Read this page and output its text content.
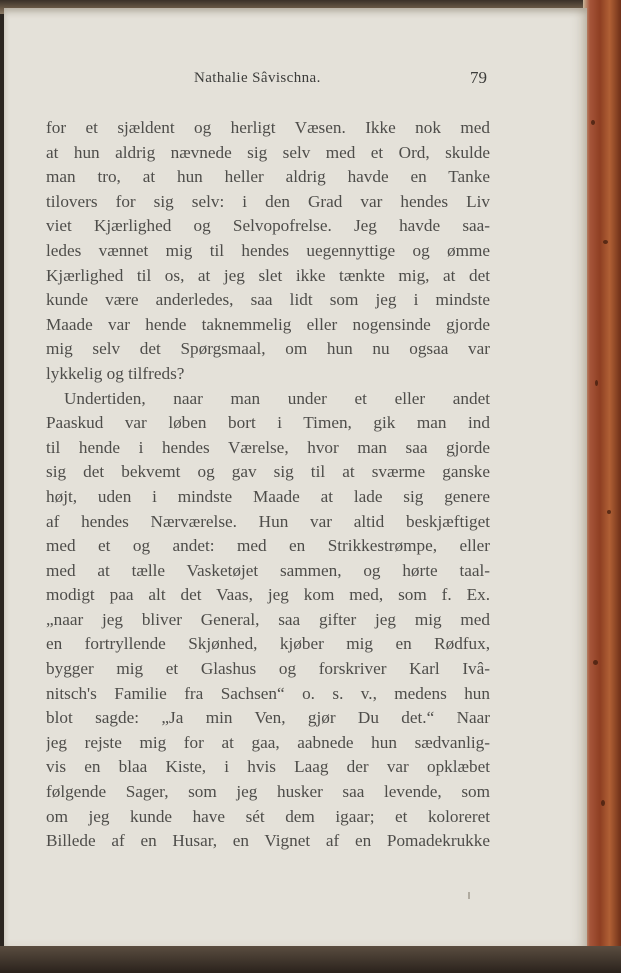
Nathalie Sâvischna.	79
for et sjældent og herligt Væsen. Ikke nok med
at hun aldrig nævnede sig selv med et Ord, skulde
man tro, at hun heller aldrig havde en Tanke
tilovers for sig selv: i den Grad var hendes Liv
viet Kjærlighed og Selvopofrelse. Jeg havde saa-
ledes vænnet mig til hendes uegennyttige og ømme
Kjærlighed til os, at jeg slet ikke tænkte mig, at det
kunde være anderledes, saa lidt som jeg i mindste
Maade var hende taknemmelig eller nogensinde gjorde
mig selv det Spørgsmaal, om hun nu ogsaa var
lykkelig og tilfreds?
Undertiden, naar man under et eller andet
Paaskud var løben bort i Timen, gik man ind
til hende i hendes Værelse, hvor man saa gjorde
sig det bekvemt og gav sig til at sværme ganske
højt, uden i mindste Maade at lade sig genere
af hendes Nærværelse. Hun var altid beskjæftiget
med et og andet: med en Strikkestrømpe, eller
med at tælle Vasketøjet sammen, og hørte taal-
modigt paa alt det Vaas, jeg kom med, som f. Ex.
„naar jeg bliver General, saa gifter jeg mig med
en fortryllende Skjønhed, kjøber mig en Rødfux,
bygger mig et Glashus og forskriver Karl Ivâ-
nitsch's Familie fra Sachsen“ o. s. v., medens hun
blot sagde: „Ja min Ven, gjør Du det.“ Naar
jeg rejste mig for at gaa, aabnede hun sædvanlig-
vis en blaa Kiste, i hvis Laag der var opklæbet
følgende Sager, som jeg husker saa levende, som
om jeg kunde have sét dem igaar; et koloreret
Billede af en Husar, en Vignet af en Pomadekrukke
